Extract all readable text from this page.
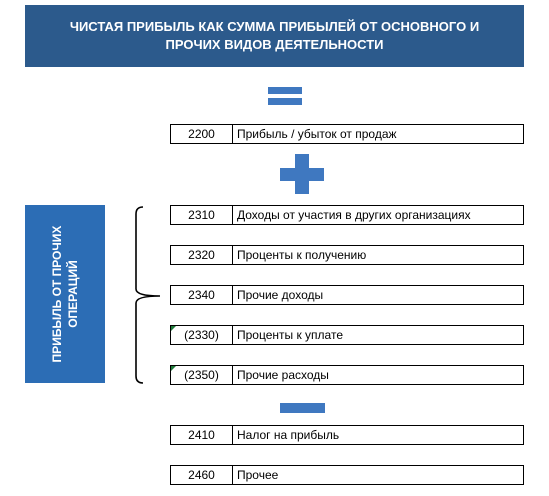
ЧИСТАЯ ПРИБЫЛЬ КАК СУММА ПРИБЫЛЕЙ ОТ ОСНОВНОГО И ПРОЧИХ ВИДОВ ДЕЯТЕЛЬНОСТИ
2200	Прибыль / убыток от продаж
ПРИБЫЛЬ ОТ ПРОЧИХ ОПЕРАЦИЙ
2310	Доходы от участия в других организациях
2320	Проценты к получению
2340	Прочие доходы
(2330)	Проценты к уплате
(2350)	Прочие расходы
2410	Налог на прибыль
2460	Прочее
